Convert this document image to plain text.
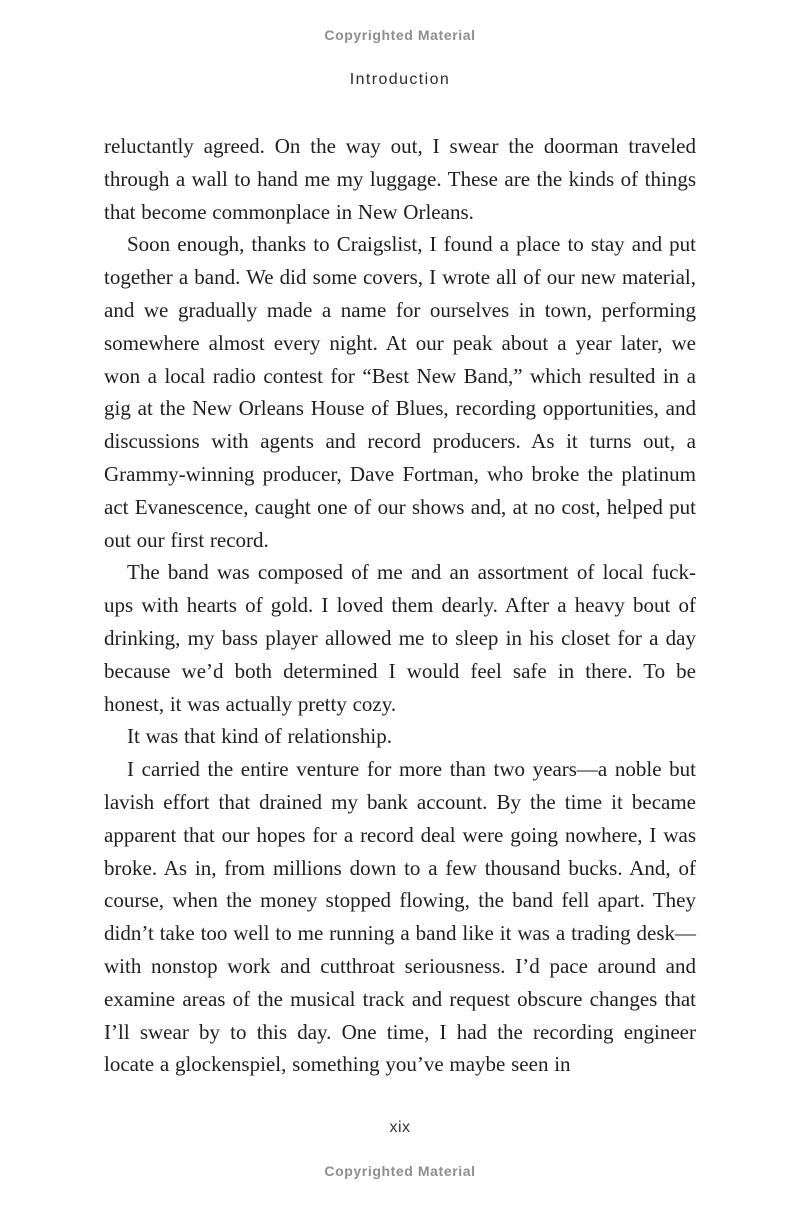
Copyrighted Material
Introduction

reluctantly agreed. On the way out, I swear the doorman traveled through a wall to hand me my luggage. These are the kinds of things that become commonplace in New Orleans.

Soon enough, thanks to Craigslist, I found a place to stay and put together a band. We did some covers, I wrote all of our new material, and we gradually made a name for ourselves in town, performing somewhere almost every night. At our peak about a year later, we won a local radio contest for “Best New Band,” which resulted in a gig at the New Orleans House of Blues, recording opportunities, and discussions with agents and record producers. As it turns out, a Grammy-winning producer, Dave Fortman, who broke the platinum act Evanescence, caught one of our shows and, at no cost, helped put out our first record.

The band was composed of me and an assortment of local fuck-ups with hearts of gold. I loved them dearly. After a heavy bout of drinking, my bass player allowed me to sleep in his closet for a day because we’d both determined I would feel safe in there. To be honest, it was actually pretty cozy.

It was that kind of relationship.

I carried the entire venture for more than two years—a noble but lavish effort that drained my bank account. By the time it became apparent that our hopes for a record deal were going nowhere, I was broke. As in, from millions down to a few thousand bucks. And, of course, when the money stopped flowing, the band fell apart. They didn’t take too well to me running a band like it was a trading desk—with nonstop work and cutthroat seriousness. I’d pace around and examine areas of the musical track and request obscure changes that I’ll swear by to this day. One time, I had the recording engineer locate a glockenspiel, something you’ve maybe seen in

xix
Copyrighted Material
